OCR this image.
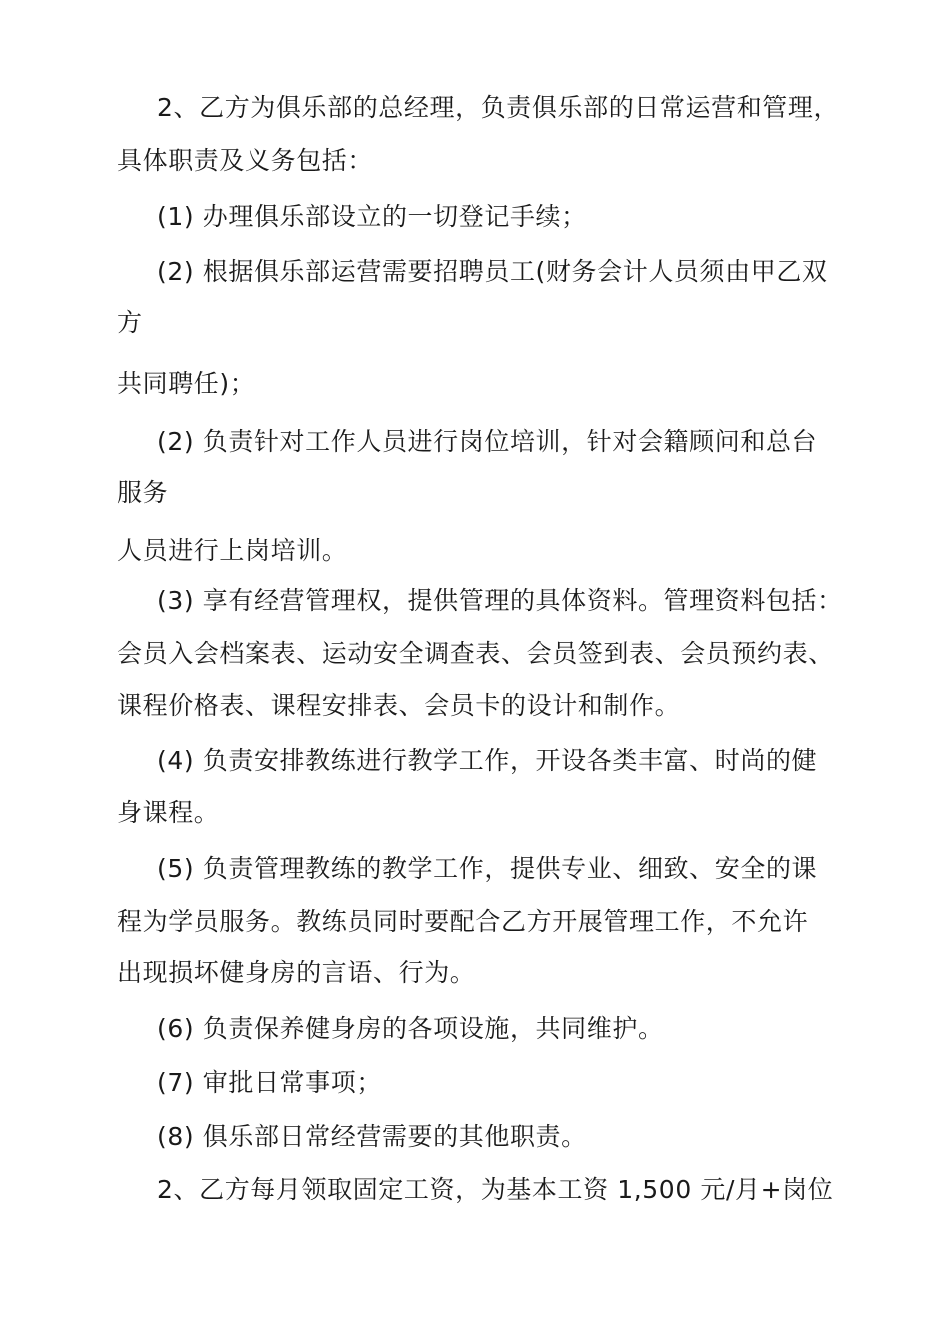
2、乙方为俱乐部的总经理，负责俱乐部的日常运营和管理，
具体职责及义务包括：
(1) 办理俱乐部设立的一切登记手续；
(2) 根据俱乐部运营需要招聘员工(财务会计人员须由甲乙双
方
共同聘任)；
(2) 负责针对工作人员进行岗位培训，针对会籍顾问和总台
服务
人员进行上岗培训。
(3) 享有经营管理权，提供管理的具体资料。管理资料包括：
会员入会档案表、运动安全调查表、会员签到表、会员预约表、
课程价格表、课程安排表、会员卡的设计和制作。
(4) 负责安排教练进行教学工作，开设各类丰富、时尚的健
身课程。
(5) 负责管理教练的教学工作，提供专业、细致、安全的课
程为学员服务。教练员同时要配合乙方开展管理工作，不允许
出现损坏健身房的言语、行为。
(6) 负责保养健身房的各项设施，共同维护。
(7) 审批日常事项；
(8) 俱乐部日常经营需要的其他职责。
2、乙方每月领取固定工资，为基本工资 1,500 元/月+岗位
